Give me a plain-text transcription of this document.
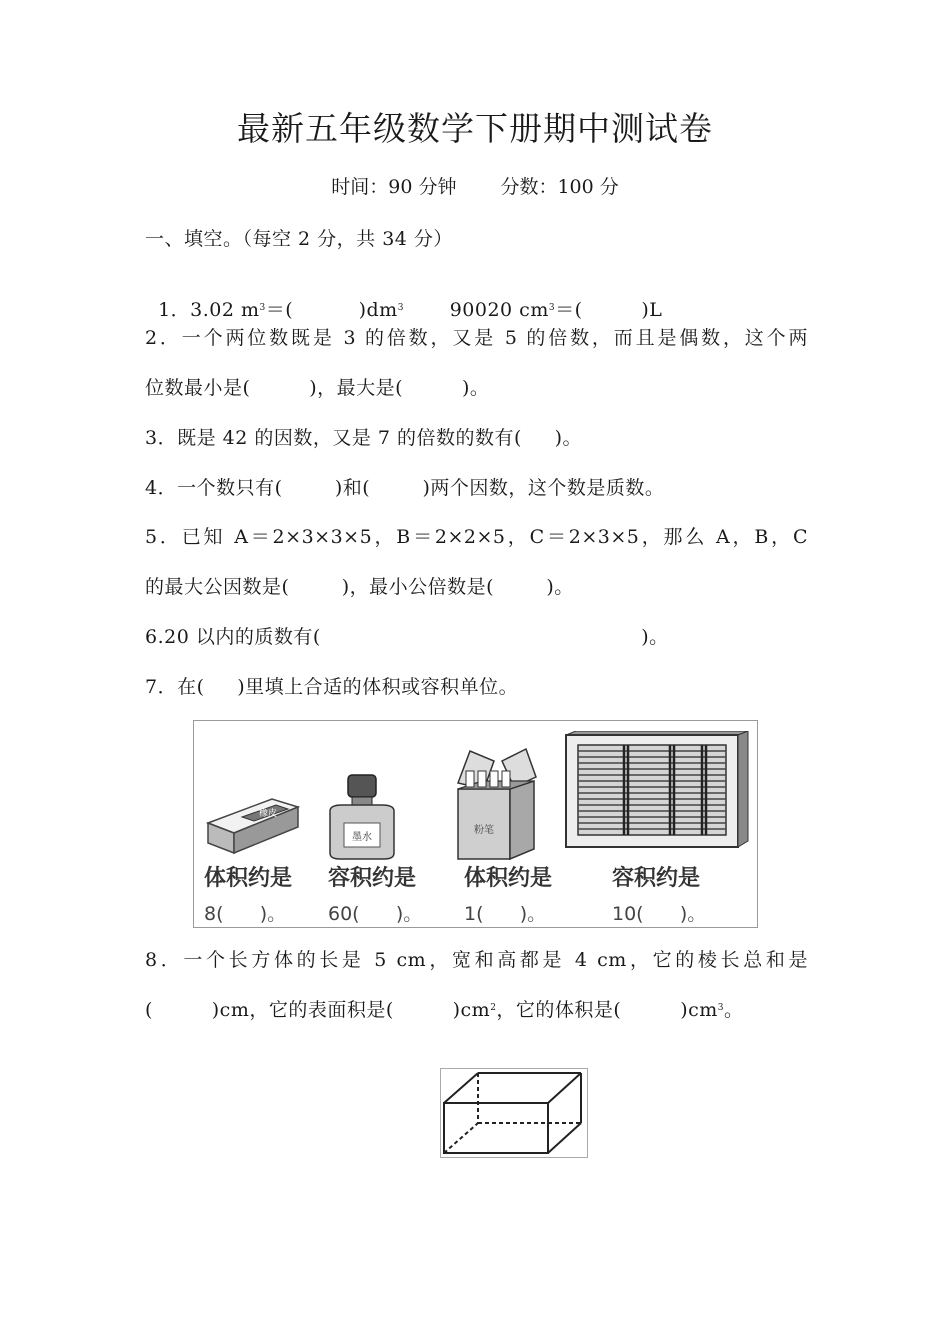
最新五年级数学下册期中测试卷
时间：90 分钟 分数：100 分
一、填空。（每空 2 分，共 34 分）

1．3.02 $m^3=$(          )$dm^3$ 90020 $cm^3=$(         )L

2．一个两位数既是 3 的倍数，又是 5 的倍数，而且是偶数，这个两
位数最小是(         )，最大是(         )。
3．既是 42 的因数，又是 7 的倍数的数有(     )。
4．一个数只有(        )和(        )两个因数，这个数是质数。
5．已知 A＝2×3×3×5，B＝2×2×5，C＝2×3×5，那么 A，B，C
的最大公因数是(        )，最小公倍数是(        )。
6.20 以内的质数有(                                                 )。
7．在(     )里填上合适的体积或容积单位。
橡皮
墨水
粉笔
体积约是 容积约是 体积约是	容积约是
8(      )。 60(      )。 1(      )。	10(      )。
8．一个长方体的长是 5 cm，宽和高都是 4 cm，它的棱长总和是
(         )cm，它的表面积是(         )$cm^2$，它的体积是(         )$cm^3$。
